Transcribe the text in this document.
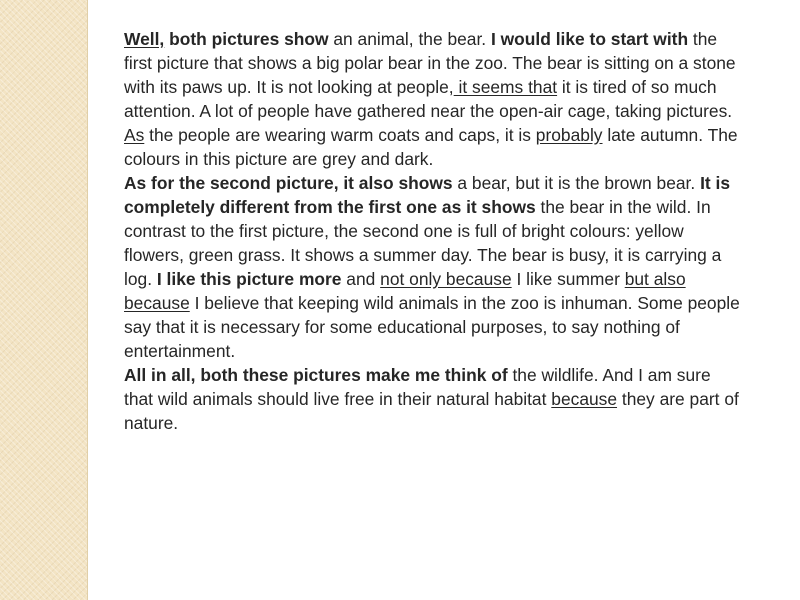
Well, both pictures show an animal, the bear. I would like to start with the first picture that shows a big polar bear in the zoo. The bear is sitting on a stone with its paws up. It is not looking at people, it seems that it is tired of so much attention. A lot of people have gathered near the open-air cage, taking pictures. As the people are wearing warm coats and caps, it is probably late autumn. The colours in this picture are grey and dark.

As for the second picture, it also shows a bear, but it is the brown bear. It is completely different from the first one as it shows the bear in the wild. In contrast to the first picture, the second one is full of bright colours: yellow flowers, green grass. It shows a summer day. The bear is busy, it is carrying a log. I like this picture more and not only because I like summer but also because I believe that keeping wild animals in the zoo is inhuman. Some people say that it is necessary for some educational purposes, to say nothing of entertainment.

All in all, both these pictures make me think of the wildlife. And I am sure that wild animals should live free in their natural habitat because they are part of nature.
